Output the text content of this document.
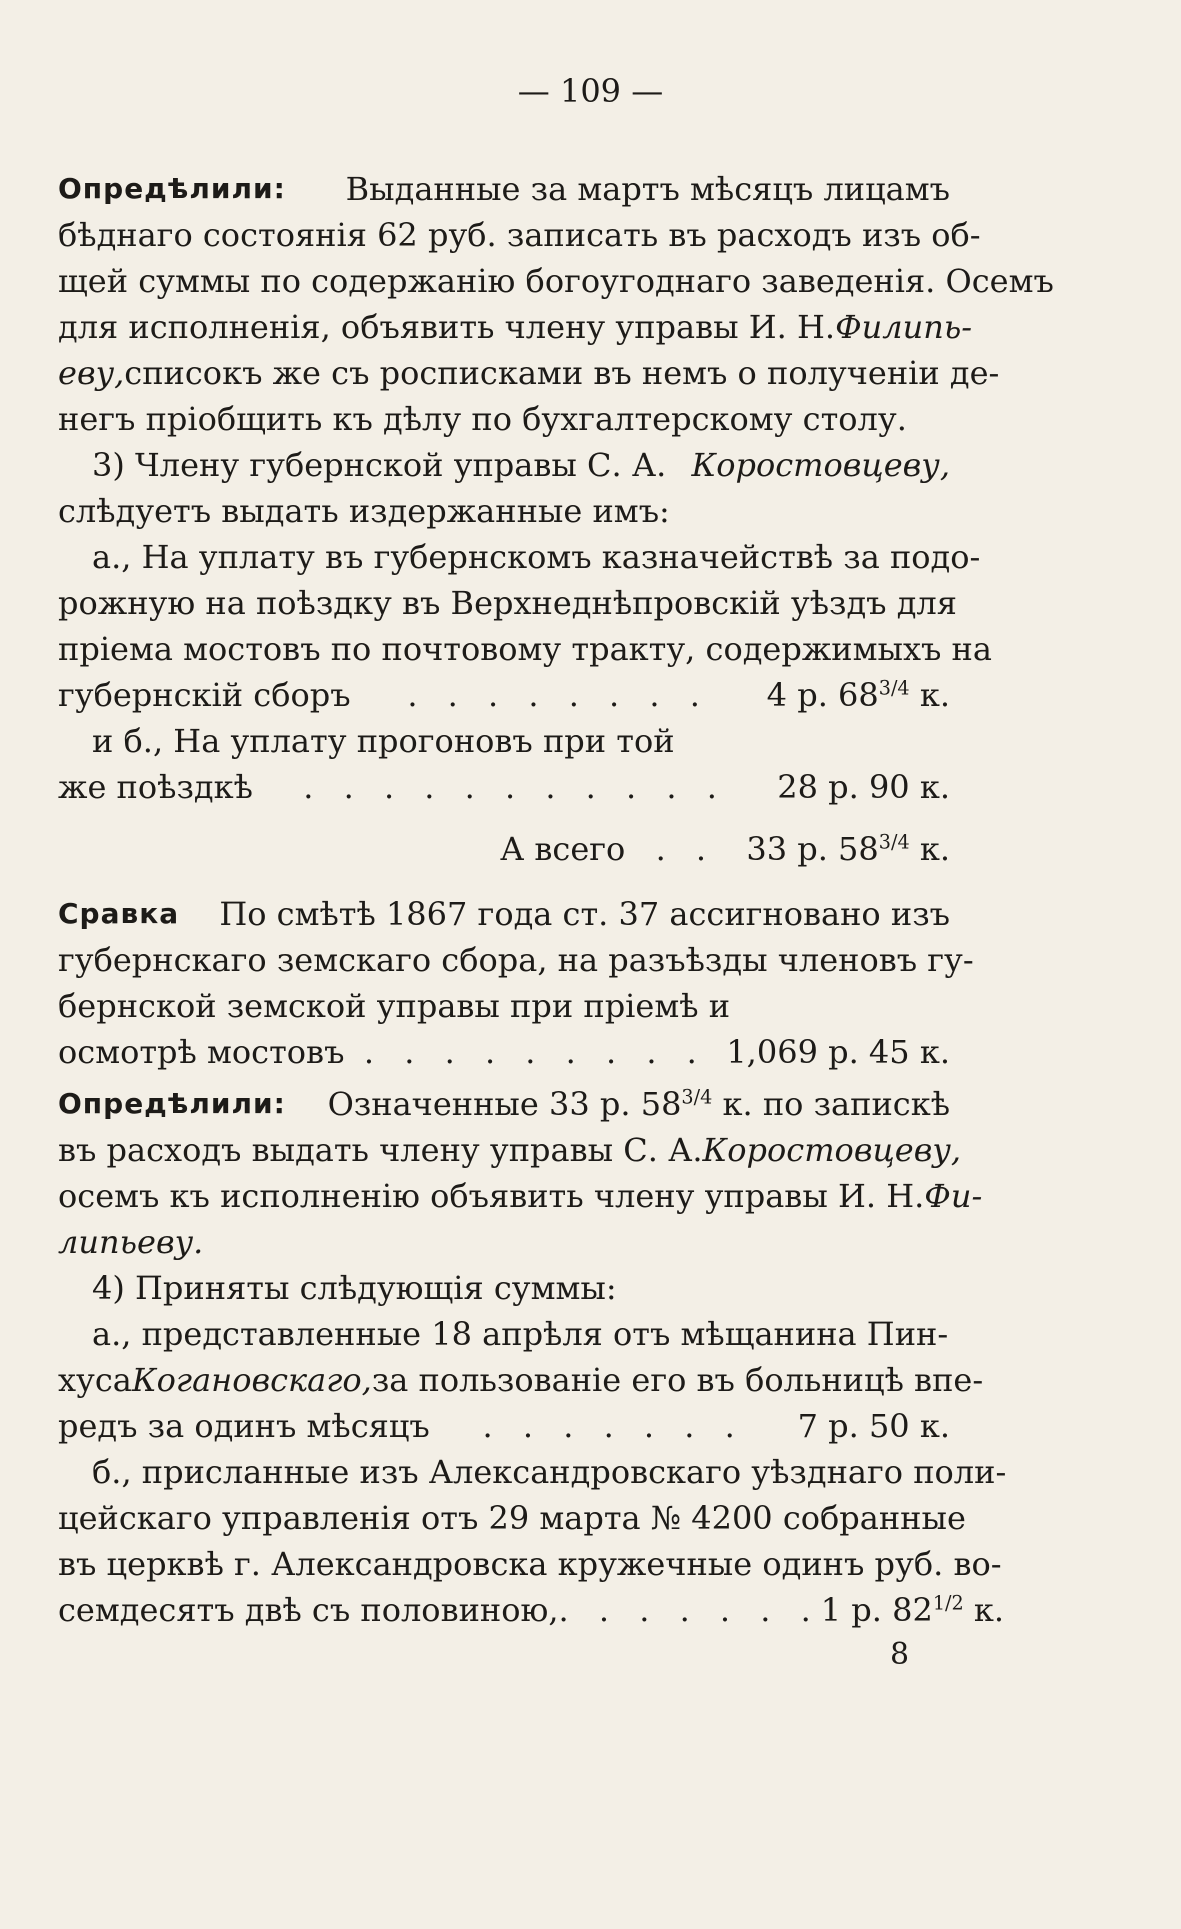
— 109 —
Опредѣлили: Выданные за мартъ мѣсяцъ лицамъ
бѣднаго состоянія 62 руб. записать въ расходъ изъ об-
щей суммы по содержанію богоугоднаго заведенія. Осемъ
для исполненія, объявить члену управы И. Н. Филипь-
еву, списокъ же съ росписками въ немъ о полученіи де-
негъ пріобщить къ дѣлу по бухгалтерскому столу.
3) Члену губернской управы С. А. Коростовцеву,
слѣдуетъ выдать издержанные имъ:
а., На уплату въ губернскомъ казначействѣ за подо-
рожную на поѣздку въ Верхнеднѣпровскій уѣздъ для
пріема мостовъ по почтовому тракту, содержимыхъ на
губернскій сборъ . . . . . . . . 4 р. $68^{3/4}$ к.
и б., На уплату прогоновъ при той
же поѣздкѣ . . . . . . . . . . . 28 р. 90 к.
А всего . . 33 р. $58^{3/4}$ к.
Сравка По смѣтѣ 1867 года ст. 37 ассигновано изъ
губернскаго земскаго сбора, на разъѣзды членовъ гу-
бернской земской управы при пріемѣ и
осмотрѣ мостовъ . . . . . . . . . 1,069 р. 45 к.
Опредѣлили: Означенные 33 р. $58^{3/4}$ к. по запискѣ
въ расходъ выдать члену управы С. А. Коростовцеву,
осемъ къ исполненію объявить члену управы И. Н. Фи-
липьеву.
4) Приняты слѣдующія суммы:
а., представленные 18 апрѣля отъ мѣщанина Пин-
хуса Когановскаго, за пользованіе его въ больницѣ впе-
редъ за одинъ мѣсяцъ . . . . . . . 7 р. 50 к.
б., присланные изъ Александровскаго уѣзднаго поли-
цейскаго управленія отъ 29 марта № 4200 собранные
въ церквѣ г. Александровска кружечные одинъ руб. во-
семдесятъ двѣ съ половиною, . . . . . . . 1 р. $82^{1/2}$ к.
8
